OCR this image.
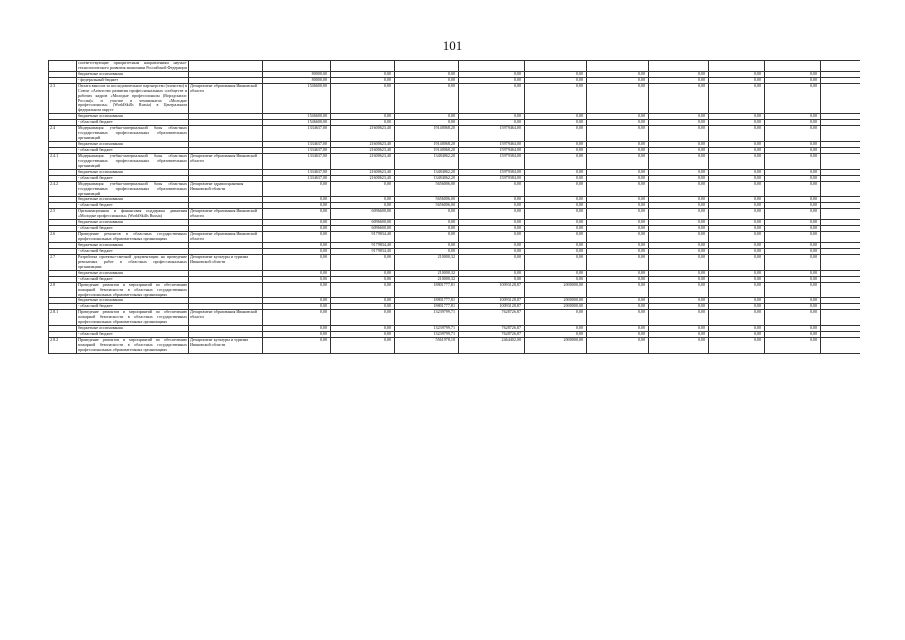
101
	соответствующие приоритетным направлениям научно-технологического развития экономики Российской Федерации											
	бюджетные ассигнования		80000,00	0,00	0,00	0,00	0,00	0,00	0,00	0,00	0,00	
	- федеральный бюджет		80000,00	0,00	0,00	0,00	0,00	0,00	0,00	0,00	0,00	
2.3	Оплата взносов за последовательное партнерство (членство) в Союзе «Агентство развития профессиональных сообществ и рабочих кадров «Молодые профессионалы (Ворлдскиллс Россия)» и участие в чемпионатах «Молодые профессионалы» (WorldSkills Russia) в Центральном федеральном округе	Департамент образования Ивановской области	1546600,00	0,00	0,00	0,00	0,00	0,00	0,00	0,00	0,00	
	бюджетные ассигнования		1546600,00	0,00	0,00	0,00	0,00	0,00	0,00	0,00	0,00	
	- областной бюджет		1546600,00	0,00	0,00	0,00	0,00	0,00	0,00	0,00	0,00	
2.4	Модернизация учебно-материальной базы областных государственных профессиональных образовательных организаций		1334637,00	21600623,40	19140068,20	15979464,00	0,00	0,00	0,00	0,00	0,00	
	бюджетные ассигнования		1334637,00	21600623,40	19140068,20	15979464,00	0,00	0,00	0,00	0,00	0,00	
	- областной бюджет		1334637,00	21600623,40	19140068,20	15979464,00	0,00	0,00	0,00	0,00	0,00	
2.4.1	Модернизация учебно-материальной базы областных государственных профессиональных образовательных организаций	Департамент образования Ивановской области	1334637,00	21600623,40	13484062,20	15979384,00	0,00	0,00	0,00	0,00	0,00	
	бюджетные ассигнования		1334637,00	21600623,40	13484062,20	15979384,00	0,00	0,00	0,00	0,00	0,00	
	- областной бюджет		1334637,00	21600623,40	13484062,20	15979384,00	0,00	0,00	0,00	0,00	0,00	
2.4.2	Модернизация учебно-материальной базы областных государственных профессиональных образовательных организаций	Департамент здравоохранения Ивановской области	0,00	0,00	5656006,00	0,00	0,00	0,00	0,00	0,00	0,00	
	бюджетные ассигнования		0,00	0,00	5656006,00	0,00	0,00	0,00	0,00	0,00	0,00	
	- областной бюджет		0,00	0,00	5656006,00	0,00	0,00	0,00	0,00	0,00	0,00	
2.5	Организационная и финансовая поддержка движения «Молодые профессионалы» (WorldSkills Russia)	Департамент образования Ивановской области	0,00	6096600,00	0,00	0,00	0,00	0,00	0,00	0,00	0,00	
	бюджетные ассигнования		0,00	6096600,00	0,00	0,00	0,00	0,00	0,00	0,00	0,00	
	- областной бюджет		0,00	6096600,00	0,00	0,00	0,00	0,00	0,00	0,00	0,00	
2.6	Проведение ремонтов в областных государственных профессиональных образовательных организациях	Департамент образования Ивановской области	0,00	9179834,40	0,00	0,00	0,00	0,00	0,00	0,00	0,00	
	бюджетные ассигнования		0,00	9179834,40	0,00	0,00	0,00	0,00	0,00	0,00	0,00	
	- областной бюджет		0,00	9179834,40	0,00	0,00	0,00	0,00	0,00	0,00	0,00	
2.7	Разработка проектно-сметной документации на проведение ремонтных работ в областных профессиональных организациях	Департамент культуры и туризма Ивановской области	0,00	0,00	210000,32	0,00	0,00	0,00	0,00	0,00	0,00	
	бюджетные ассигнования		0,00	0,00	210000,32	0,00	0,00	0,00	0,00	0,00	0,00	
	- областной бюджет		0,00	0,00	210000,32	0,00	0,00	0,00	0,00	0,00	0,00	
2.8	Проведение ремонтов и мероприятий по обеспечению пожарной безопасности в областных государственных профессиональных образовательных организациях		0,00	0,00	18801777,81	10093128,87	2000000,00	0,00	0,00	0,00	0,00	
	бюджетные ассигнования		0,00	0,00	18801777,81	10093128,87	2000000,00	0,00	0,00	0,00	0,00	
	- областной бюджет		0,00	0,00	18801777,81	10093128,87	2000000,00	0,00	0,00	0,00	0,00	
2.8.1	Проведение ремонтов и мероприятий по обеспечению пожарной безопасности в областных государственных профессиональных образовательных организациях	Департамент образования Ивановской области	0,00	0,00	13239799,71	7628726,87	0,00	0,00	0,00	0,00	0,00	
	бюджетные ассигнования		0,00	0,00	13239799,71	7628726,87	0,00	0,00	0,00	0,00	0,00	
	- областной бюджет		0,00	0,00	13239799,71	7628726,87	0,00	0,00	0,00	0,00	0,00	
2.8.2	Проведение ремонтов и мероприятий по обеспечению пожарной безопасности в областных государственных профессиональных образовательных организациях	Департамент культуры и туризма Ивановской области	0,00	0,00	5561978,10	2464402,00	2000000,00	0,00	0,00	0,00	0,00	
